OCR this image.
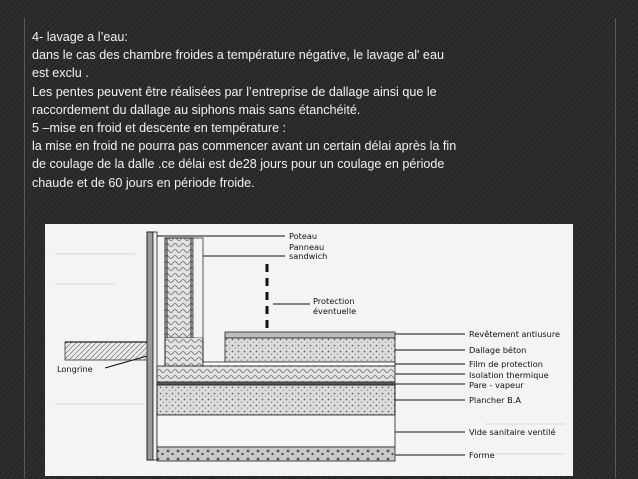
4- lavage a l’eau:

dans le cas des chambre froides a température négative, le lavage al' eau

est exclu .

Les pentes peuvent être réalisées par l’entreprise de dallage ainsi que le

raccordement du dallage au siphons mais sans étanchéité.

5 –mise en froid et descente en température :

la mise en froid ne pourra pas commencer avant un certain délai après la fin

de coulage de la dalle .ce délai est de28 jours pour un coulage en période

chaude et de 60 jours en période froide.

Poteau
Panneau
sandwich
Protection
éventuelle
Revêtement antiusure
Dallage béton
Film de protection
Isolation thermique
Pare - vapeur
Plancher B.A
Vide sanitaire ventilé
Forme
Longrine
